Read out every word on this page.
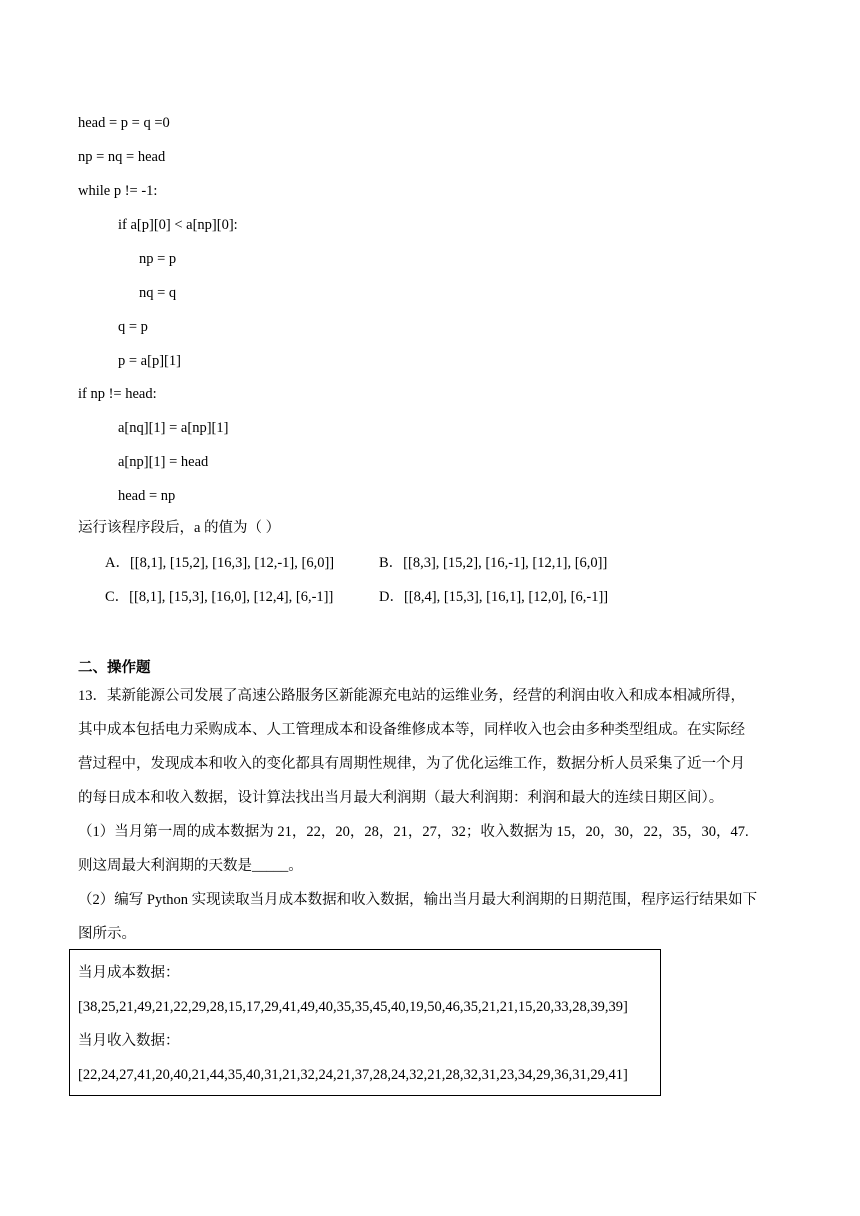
head = p = q =0
np = nq = head
while p != -1:
if a[p][0] < a[np][0]:
np = p
nq = q
q = p
p = a[p][1]
if np != head:
a[nq][1] = a[np][1]
a[np][1] = head
head = np
运行该程序段后，a 的值为（ ）
A．[[8,1], [15,2], [16,3], [12,-1], [6,0]]	B．[[8,3], [15,2], [16,-1], [12,1], [6,0]]
C．[[8,1], [15,3], [16,0], [12,4], [6,-1]]	D．[[8,4], [15,3], [16,1], [12,0], [6,-1]]
二、操作题
13．某新能源公司发展了高速公路服务区新能源充电站的运维业务，经营的利润由收入和成本相减所得，
其中成本包括电力采购成本、人工管理成本和设备维修成本等，同样收入也会由多种类型组成。在实际经
营过程中，发现成本和收入的变化都具有周期性规律，为了优化运维工作，数据分析人员采集了近一个月
的每日成本和收入数据，设计算法找出当月最大利润期（最大利润期：利润和最大的连续日期区间）。
（1）当月第一周的成本数据为 21，22，20，28，21，27，32；收入数据为 15，20，30，22，35，30，47.
则这周最大利润期的天数是_____。
（2）编写 Python 实现读取当月成本数据和收入数据，输出当月最大利润期的日期范围，程序运行结果如下
图所示。
当月成本数据：
[38,25,21,49,21,22,29,28,15,17,29,41,49,40,35,35,45,40,19,50,46,35,21,21,15,20,33,28,39,39]
当月收入数据：
[22,24,27,41,20,40,21,44,35,40,31,21,32,24,21,37,28,24,32,21,28,32,31,23,34,29,36,31,29,41]
